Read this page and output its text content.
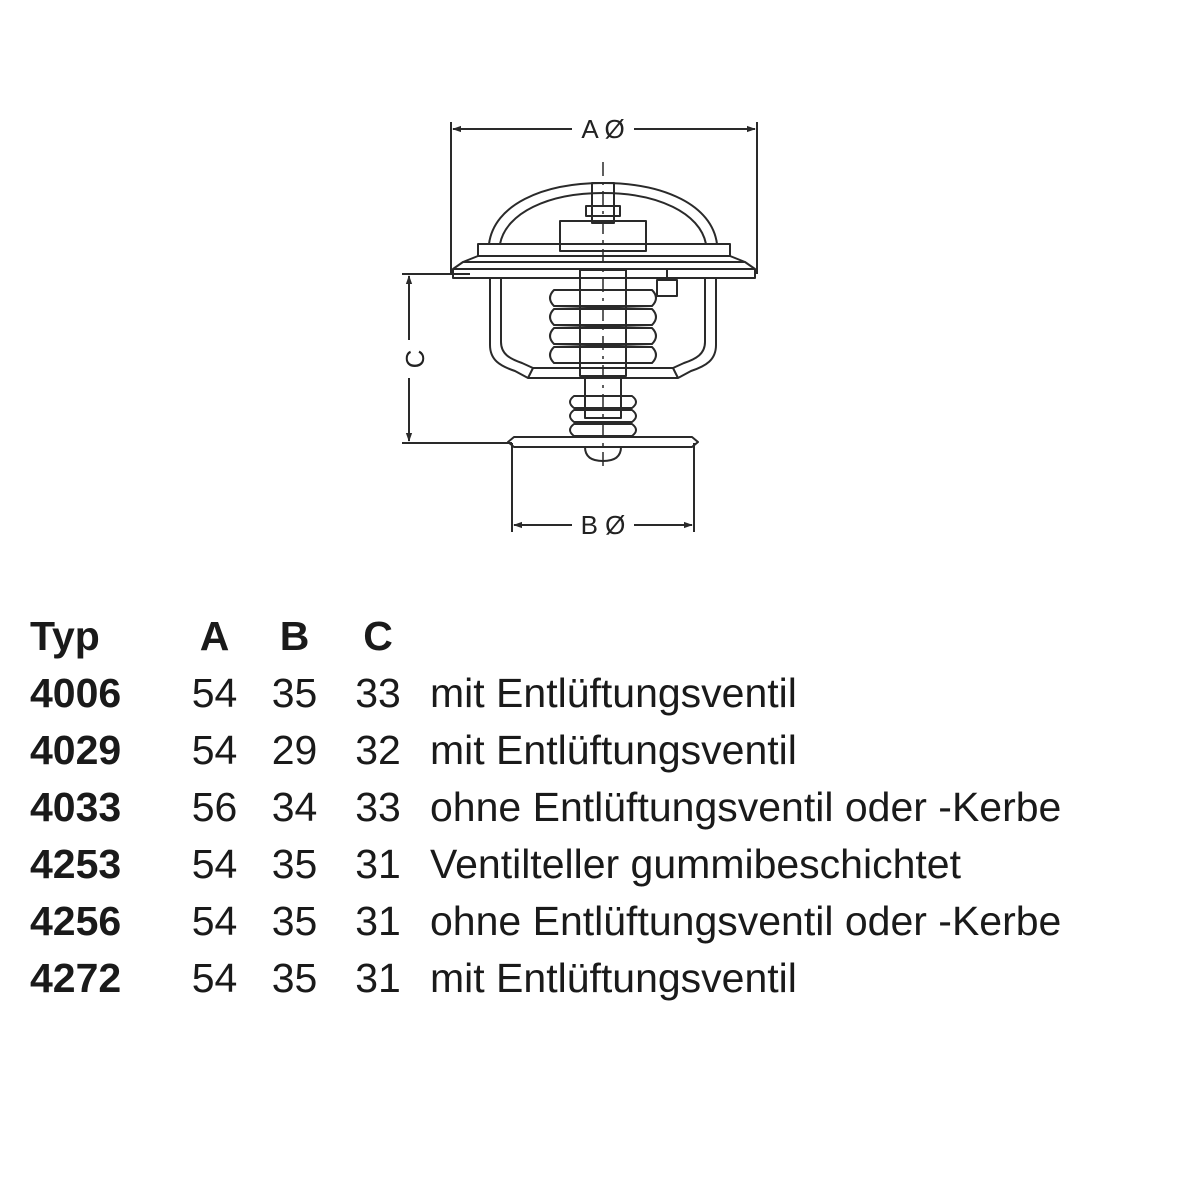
A Ø
B Ø
C
Typ	A	B	C	
4006	54	35	33	mit Entlüftungsventil
4029	54	29	32	mit Entlüftungsventil
4033	56	34	33	ohne Entlüftungsventil oder -Kerbe
4253	54	35	31	Ventilteller gummibeschichtet
4256	54	35	31	ohne Entlüftungsventil oder -Kerbe
4272	54	35	31	mit Entlüftungsventil
